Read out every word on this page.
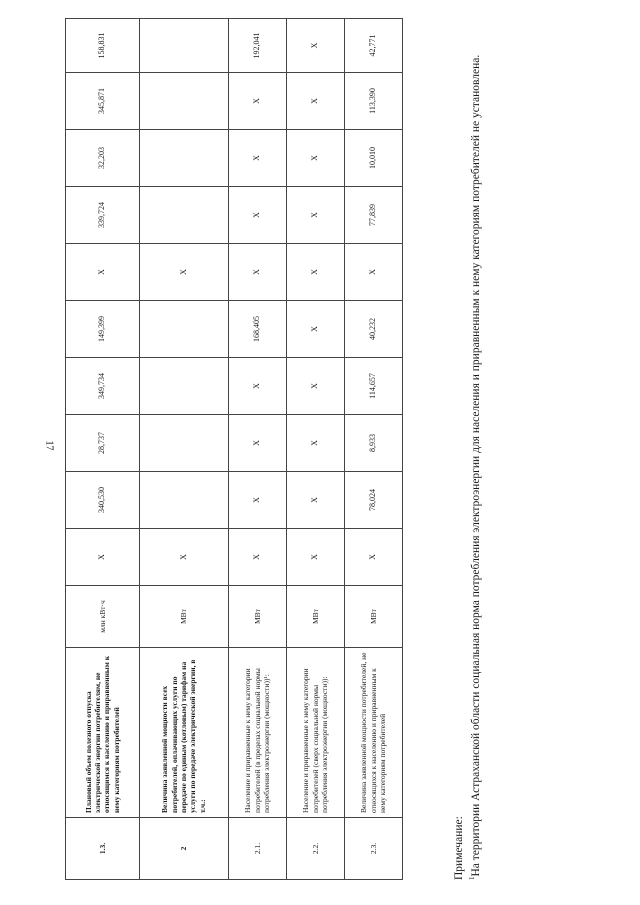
17
1.3.	Плановый объем полезного отпуска электрической энергии потребителям, не относящимся к населению и приравненным к нему категориям потребителей	млн кВт·ч	X	340,530	28,737	349,734	149,399	X	339,724	32,203	345,871	158,831
2	Величина заявленной мощности всех потребителей, оплачивающих услуги по передаче по единым (котловым) тарифам на услуги по передаче электрической энергии, в т.ч.:	МВт	X					X				
2.1.	Население и приравненные к нему категории потребителей (в пределах социальной нормы потребления электроэнергии (мощности))¹:	МВт	X	X	X	X	168,405	X	X	X	X	192,041
2.2.	Население и приравненные к нему категории потребителей (сверх социальной нормы потребления электроэнергии (мощности)):	МВт	X	X	X	X	X	X	X	X	X	X
2.3.	Величина заявленной мощности потребителей, не относящихся к населению и приравненным к нему категориям потребителей	МВт	X	78,024	8,933	114,657	40,232	X	77,839	10,010	113,390	42,771

Примечание: $^1$На территории Астраханской области социальная норма потребления электроэнергии для населения и приравненным к нему категориям потребителей не установлена.
